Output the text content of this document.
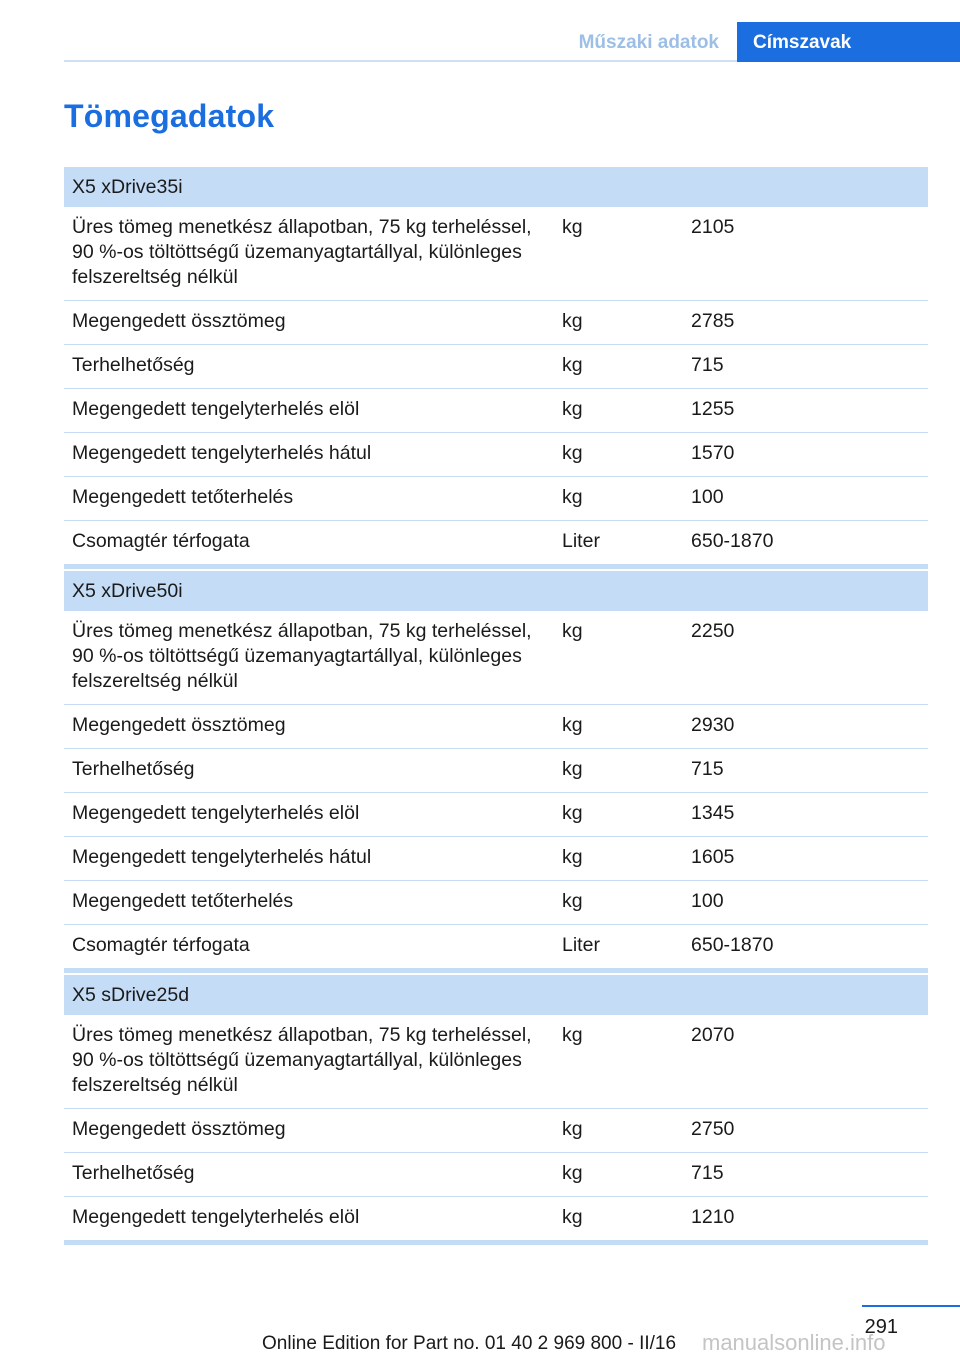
Műszaki adatok	Címszavak
Tömegadatok
X5 xDrive35i		
Üres tömeg menetkész állapotban, 75 kg terheléssel, 90 %-os töltöttségű üzemanyagtartállyal, különleges felszereltség nélkül	kg	2105
Megengedett össztömeg	kg	2785
Terhelhetőség	kg	715
Megengedett tengelyterhelés elöl	kg	1255
Megengedett tengelyterhelés hátul	kg	1570
Megengedett tetőterhelés	kg	100
Csomagtér térfogata	Liter	650-1870
X5 xDrive50i		
Üres tömeg menetkész állapotban, 75 kg terheléssel, 90 %-os töltöttségű üzemanyagtartállyal, különleges felszereltség nélkül	kg	2250
Megengedett össztömeg	kg	2930
Terhelhetőség	kg	715
Megengedett tengelyterhelés elöl	kg	1345
Megengedett tengelyterhelés hátul	kg	1605
Megengedett tetőterhelés	kg	100
Csomagtér térfogata	Liter	650-1870
X5 sDrive25d		
Üres tömeg menetkész állapotban, 75 kg terheléssel, 90 %-os töltöttségű üzemanyagtartállyal, különleges felszereltség nélkül	kg	2070
Megengedett össztömeg	kg	2750
Terhelhetőség	kg	715
Megengedett tengelyterhelés elöl	kg	1210
291
Online Edition for Part no. 01 40 2 969 800 - II/16 manualsonline.info
